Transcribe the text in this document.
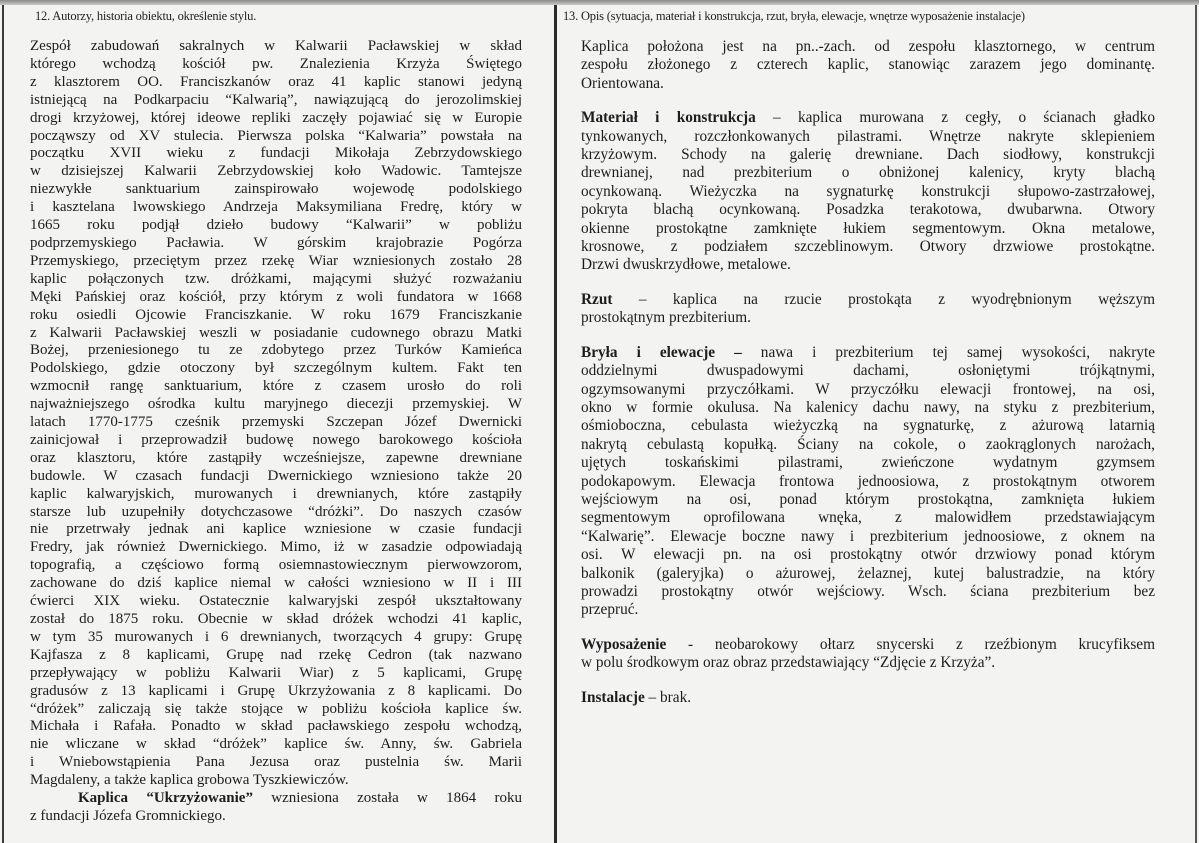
12. Autorzy, historia obiektu, określenie stylu.	13. Opis (sytuacja, materiał i konstrukcja, rzut, bryła, elewacje, wnętrze wyposażenie instalacje)
Zespół zabudowań sakralnych w Kalwarii Pacławskiej w skład
którego wchodzą kościół pw. Znalezienia Krzyża Świętego
z klasztorem OO. Franciszkanów oraz 41 kaplic stanowi jedyną
istniejącą na Podkarpaciu “Kalwarią”, nawiązującą do jerozolimskiej
drogi krzyżowej, której ideowe repliki zaczęły pojawiać się w Europie
począwszy od XV stulecia. Pierwsza polska “Kalwaria” powstała na
początku XVII wieku z fundacji Mikołaja Zebrzydowskiego
w dzisiejszej Kalwarii Zebrzydowskiej koło Wadowic. Tamtejsze
niezwykłe sanktuarium zainspirowało wojewodę podolskiego
i kasztelana lwowskiego Andrzeja Maksymiliana Fredrę, który w
1665 roku podjął dzieło budowy “Kalwarii” w pobliżu
podprzemyskiego Pacławia. W górskim krajobrazie Pogórza
Przemyskiego, przeciętym przez rzekę Wiar wzniesionych zostało 28
kaplic połączonych tzw. dróżkami, mającymi służyć rozważaniu
Męki Pańskiej oraz kościół, przy którym z woli fundatora w 1668
roku osiedli Ojcowie Franciszkanie. W roku 1679 Franciszkanie
z Kalwarii Pacławskiej weszli w posiadanie cudownego obrazu Matki
Bożej, przeniesionego tu ze zdobytego przez Turków Kamieńca
Podolskiego, gdzie otoczony był szczególnym kultem. Fakt ten
wzmocnił rangę sanktuarium, które z czasem urosło do roli
najważniejszego ośrodka kultu maryjnego diecezji przemyskiej. W
latach 1770-1775 cześnik przemyski Szczepan Józef Dwernicki
zainicjował i przeprowadził budowę nowego barokowego kościoła
oraz klasztoru, które zastąpiły wcześniejsze, zapewne drewniane
budowle. W czasach fundacji Dwernickiego wzniesiono także 20
kaplic kalwaryjskich, murowanych i drewnianych, które zastąpiły
starsze lub uzupełniły dotychczasowe “dróżki”. Do naszych czasów
nie przetrwały jednak ani kaplice wzniesione w czasie fundacji
Fredry, jak również Dwernickiego. Mimo, iż w zasadzie odpowiadają
topografią, a częściowo formą osiemnastowiecznym pierwowzorom,
zachowane do dziś kaplice niemal w całości wzniesiono w II i III
ćwierci XIX wieku. Ostatecznie kalwaryjski zespół ukształtowany
został do 1875 roku. Obecnie w skład dróżek wchodzi 41 kaplic,
w tym 35 murowanych i 6 drewnianych, tworzących 4 grupy: Grupę
Kajfasza z 8 kaplicami, Grupę nad rzekę Cedron (tak nazwano
przepływający w pobliżu Kalwarii Wiar) z 5 kaplicami, Grupę
gradusów z 13 kaplicami i Grupę Ukrzyżowania z 8 kaplicami. Do
“dróżek” zaliczają się także stojące w pobliżu kościoła kaplice św.
Michała i Rafała. Ponadto w skład pacławskiego zespołu wchodzą,
nie wliczane w skład “dróżek” kaplice św. Anny, św. Gabriela
i Wniebowstąpienia Pana Jezusa oraz pustelnia św. Marii
Magdaleny, a także kaplica grobowa Tyszkiewiczów.
Kaplica “Ukrzyżowanie” wzniesiona została w 1864 roku
z fundacji Józefa Gromnickiego.
Kaplica położona jest na pn..-zach. od zespołu klasztornego, w centrum
zespołu złożonego z czterech kaplic, stanowiąc zarazem jego dominantę.
Orientowana.
Materiał i konstrukcja – kaplica murowana z cegły, o ścianach gładko
tynkowanych, rozczłonkowanych pilastrami. Wnętrze nakryte sklepieniem
krzyżowym. Schody na galerię drewniane. Dach siodłowy, konstrukcji
drewnianej, nad prezbiterium o obniżonej kalenicy, kryty blachą
ocynkowaną. Wieżyczka na sygnaturkę konstrukcji słupowo-zastrzałowej,
pokryta blachą ocynkowaną. Posadzka terakotowa, dwubarwna. Otwory
okienne prostokątne zamknięte łukiem segmentowym. Okna metalowe,
krosnowe, z podziałem szczeblinowym. Otwory drzwiowe prostokątne.
Drzwi dwuskrzydłowe, metalowe.
Rzut – kaplica na rzucie prostokąta z wyodrębnionym węższym
prostokątnym prezbiterium.
Bryła i elewacje – nawa i prezbiterium tej samej wysokości, nakryte
oddzielnymi dwuspadowymi dachami, osłoniętymi trójkątnymi,
ogzymsowanymi przyczółkami. W przyczółku elewacji frontowej, na osi,
okno w formie okulusa. Na kalenicy dachu nawy, na styku z prezbiterium,
ośmioboczna, cebulasta wieżyczką na sygnaturkę, z ażurową latarnią
nakrytą cebulastą kopułką. Ściany na cokole, o zaokrąglonych narożach,
ujętych toskańskimi pilastrami, zwieńczone wydatnym gzymsem
podokapowym. Elewacja frontowa jednoosiowa, z prostokątnym otworem
wejściowym na osi, ponad którym prostokątna, zamknięta łukiem
segmentowym oprofilowana wnęka, z malowidłem przedstawiającym
“Kalwarię”. Elewacje boczne nawy i prezbiterium jednoosiowe, z oknem na
osi. W elewacji pn. na osi prostokątny otwór drzwiowy ponad którym
balkonik (galeryjka) o ażurowej, żelaznej, kutej balustradzie, na który
prowadzi prostokątny otwór wejściowy. Wsch. ściana prezbiterium bez
przepruć.
Wyposażenie - neobarokowy ołtarz snycerski z rzeźbionym krucyfiksem
w polu środkowym oraz obraz przedstawiający “Zdjęcie z Krzyża”.
Instalacje – brak.
